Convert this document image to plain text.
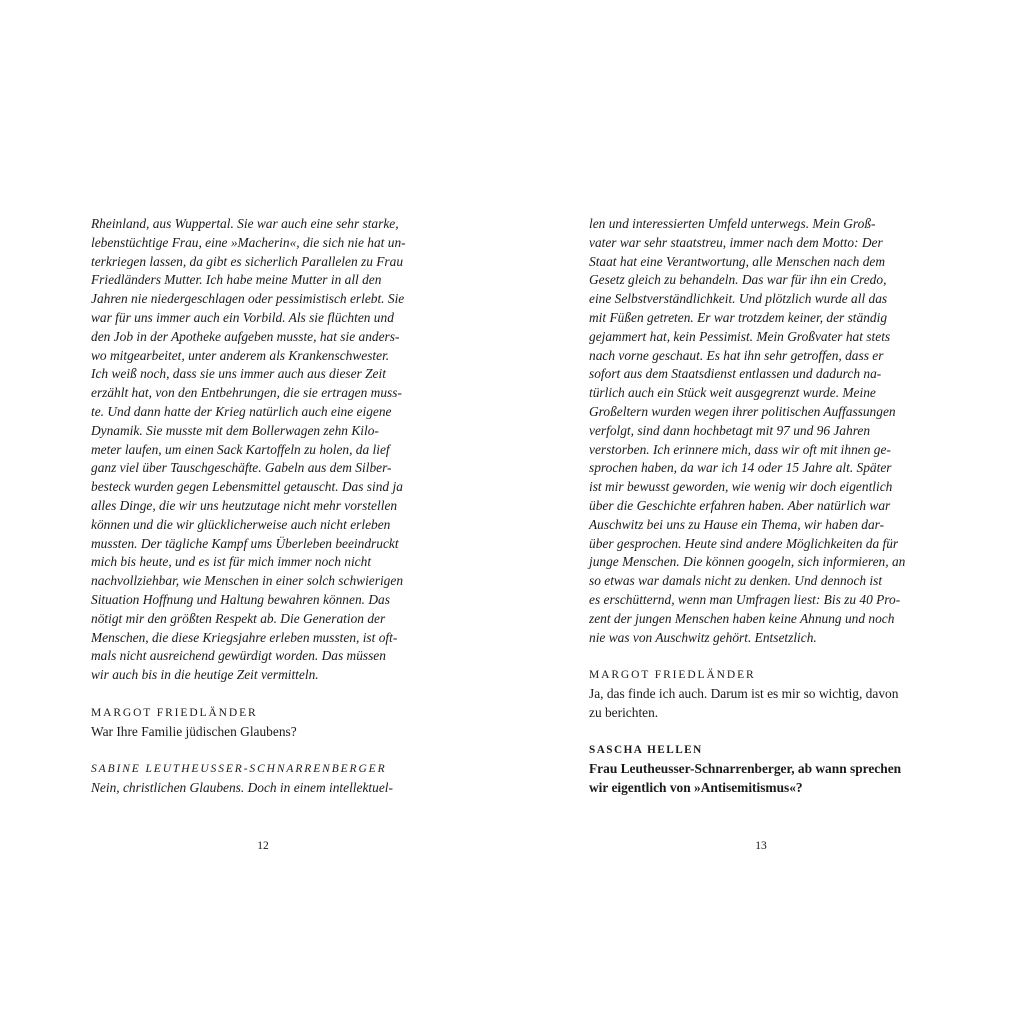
Rheinland, aus Wuppertal. Sie war auch eine sehr starke,
lebenstüchtige Frau, eine »Macherin«, die sich nie hat un-
terkriegen lassen, da gibt es sicherlich Parallelen zu Frau
Friedländers Mutter. Ich habe meine Mutter in all den
Jahren nie niedergeschlagen oder pessimistisch erlebt. Sie
war für uns immer auch ein Vorbild. Als sie flüchten und
den Job in der Apotheke aufgeben musste, hat sie anders-
wo mitgearbeitet, unter anderem als Krankenschwester.
Ich weiß noch, dass sie uns immer auch aus dieser Zeit
erzählt hat, von den Entbehrungen, die sie ertragen muss-
te. Und dann hatte der Krieg natürlich auch eine eigene
Dynamik. Sie musste mit dem Bollerwagen zehn Kilo-
meter laufen, um einen Sack Kartoffeln zu holen, da lief
ganz viel über Tauschgeschäfte. Gabeln aus dem Silber-
besteck wurden gegen Lebensmittel getauscht. Das sind ja
alles Dinge, die wir uns heutzutage nicht mehr vorstellen
können und die wir glücklicherweise auch nicht erleben
mussten. Der tägliche Kampf ums Überleben beeindruckt
mich bis heute, und es ist für mich immer noch nicht
nachvollziehbar, wie Menschen in einer solch schwierigen
Situation Hoffnung und Haltung bewahren können. Das
nötigt mir den größten Respekt ab. Die Generation der
Menschen, die diese Kriegsjahre erleben mussten, ist oft-
mals nicht ausreichend gewürdigt worden. Das müssen
wir auch bis in die heutige Zeit vermitteln.
MARGOT FRIEDLÄNDER
War Ihre Familie jüdischen Glaubens?
SABINE LEUTHEUSSER-SCHNARRENBERGER
Nein, christlichen Glaubens. Doch in einem intellektuel-
12
len und interessierten Umfeld unterwegs. Mein Groß-
vater war sehr staatstreu, immer nach dem Motto: Der
Staat hat eine Verantwortung, alle Menschen nach dem
Gesetz gleich zu behandeln. Das war für ihn ein Credo,
eine Selbstverständlichkeit. Und plötzlich wurde all das
mit Füßen getreten. Er war trotzdem keiner, der ständig
gejammert hat, kein Pessimist. Mein Großvater hat stets
nach vorne geschaut. Es hat ihn sehr getroffen, dass er
sofort aus dem Staatsdienst entlassen und dadurch na-
türlich auch ein Stück weit ausgegrenzt wurde. Meine
Großeltern wurden wegen ihrer politischen Auffassungen
verfolgt, sind dann hochbetagt mit 97 und 96 Jahren
verstorben. Ich erinnere mich, dass wir oft mit ihnen ge-
sprochen haben, da war ich 14 oder 15 Jahre alt. Später
ist mir bewusst geworden, wie wenig wir doch eigentlich
über die Geschichte erfahren haben. Aber natürlich war
Auschwitz bei uns zu Hause ein Thema, wir haben dar-
über gesprochen. Heute sind andere Möglichkeiten da für
junge Menschen. Die können googeln, sich informieren, an
so etwas war damals nicht zu denken. Und dennoch ist
es erschütternd, wenn man Umfragen liest: Bis zu 40 Pro-
zent der jungen Menschen haben keine Ahnung und noch
nie was von Auschwitz gehört. Entsetzlich.
MARGOT FRIEDLÄNDER
Ja, das finde ich auch. Darum ist es mir so wichtig, davon
zu berichten.
SASCHA HELLEN
Frau Leutheusser-Schnarrenberger, ab wann sprechen
wir eigentlich von »Antisemitismus«?
13
